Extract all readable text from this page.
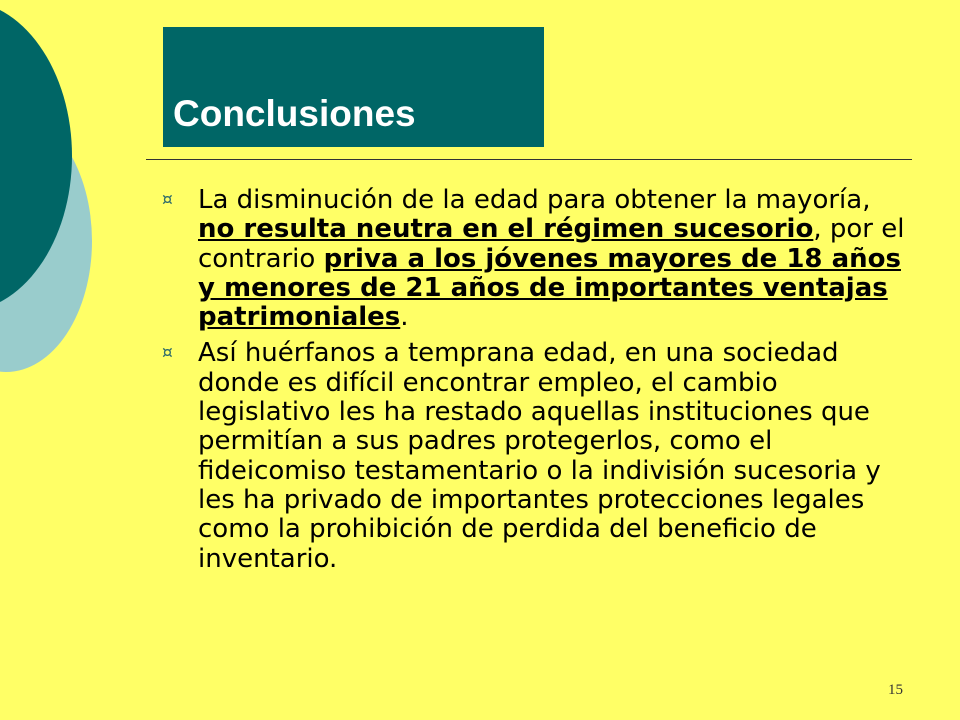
Conclusiones
¤ La disminución de la edad para obtener la mayoría, no resulta neutra en el régimen sucesorio, por el contrario priva a los jóvenes mayores de 18 años y menores de 21 años de importantes ventajas patrimoniales.
¤ Así huérfanos a temprana edad, en una sociedad donde es difícil encontrar empleo, el cambio legislativo les ha restado aquellas instituciones que permitían a sus padres protegerlos, como el fideicomiso testamentario o la indivisión sucesoria y les ha privado de importantes protecciones legales como la prohibición de perdida del beneficio de inventario.
15
